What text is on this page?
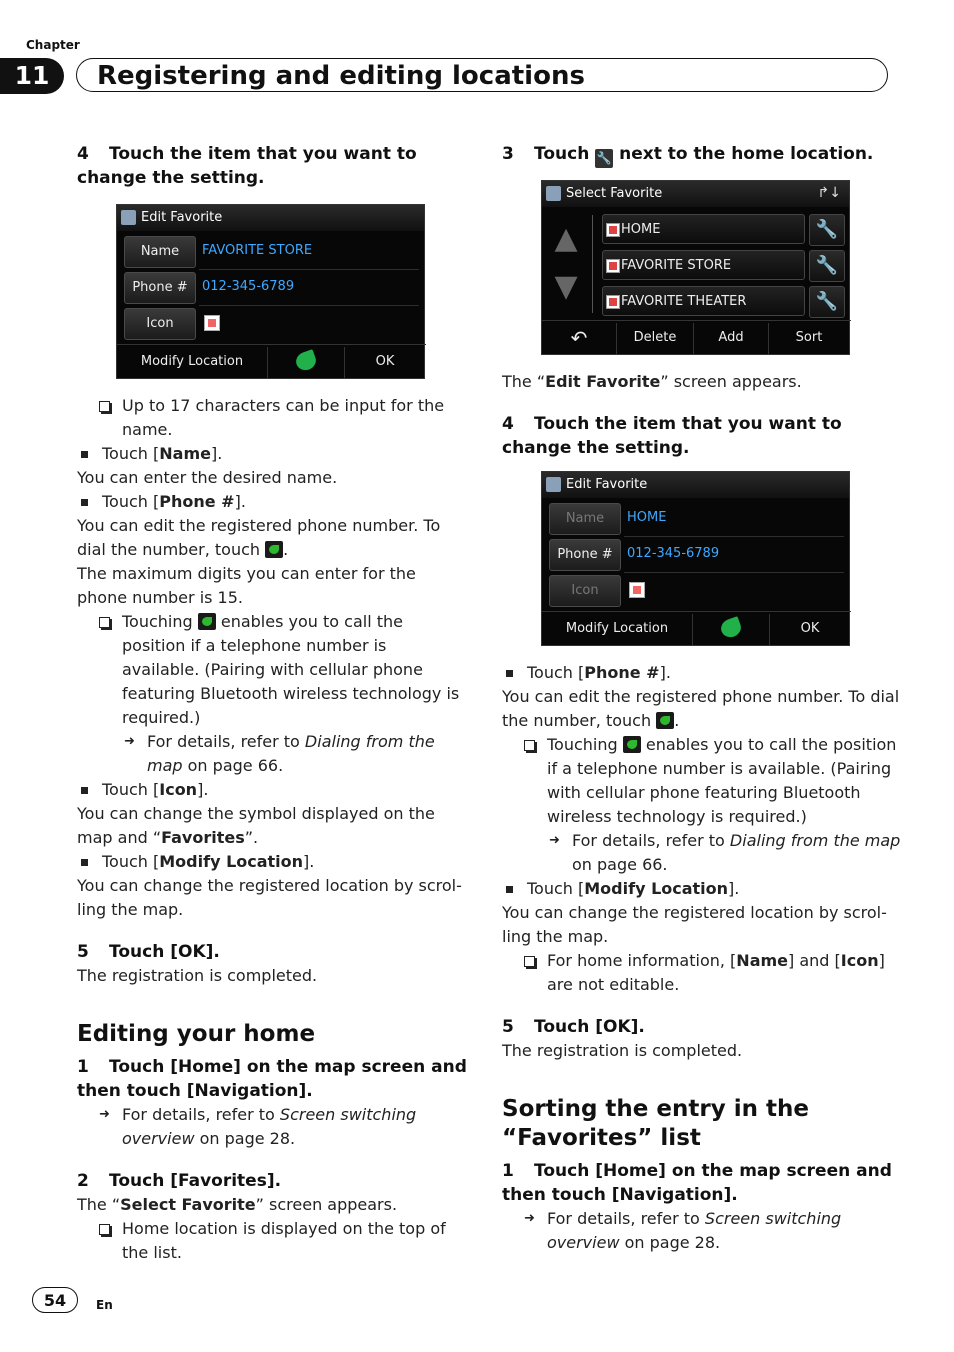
Chapter
11	Registering and editing locations

4 Touch the item that you want to change the setting.

Edit Favorite
Name	FAVORITE STORE
Phone #	012-345-6789
Icon
Modify Location	OK

Up to 17 characters can be input for the name.

Touch [Name].

You can enter the desired name.

Touch [Phone #].

You can edit the registered phone number. To dial the number, touch .

The maximum digits you can enter for the phone number is 15.

Touching enables you to call the position if a telephone number is available. (Pairing with cellular phone featuring Bluetooth wireless technology is required.)

➜ For details, refer to Dialing from the map on page 66.

Touch [Icon].

You can change the symbol displayed on the map and “Favorites”.

Touch [Modify Location].

You can change the registered location by scrol-ling the map.

5 Touch [OK].

The registration is completed.

Editing your home

1 Touch [Home] on the map screen and then touch [Navigation].

➜ For details, refer to Screen switching overview on page 28.

2 Touch [Favorites].

The “Select Favorite” screen appears.

Home location is displayed on the top of the list.

3 Touch 🔧 next to the home location.

Select Favorite	↱↓
▲
▼
HOME	🔧
FAVORITE STORE	🔧
FAVORITE THEATER	🔧
↶	Delete	Add	Sort

The “Edit Favorite” screen appears.

4 Touch the item that you want to change the setting.

Edit Favorite
Name	HOME
Phone #	012-345-6789
Icon
Modify Location	OK

Touch [Phone #].

You can edit the registered phone number. To dial the number, touch .

Touching enables you to call the position if a telephone number is available. (Pairing with cellular phone featuring Bluetooth wireless technology is required.)

➜ For details, refer to Dialing from the map on page 66.

Touch [Modify Location].

You can change the registered location by scrol-ling the map.

For home information, [Name] and [Icon] are not editable.

5 Touch [OK].

The registration is completed.

Sorting the entry in the “Favorites” list

1 Touch [Home] on the map screen and then touch [Navigation].

➜ For details, refer to Screen switching overview on page 28.

54	En
